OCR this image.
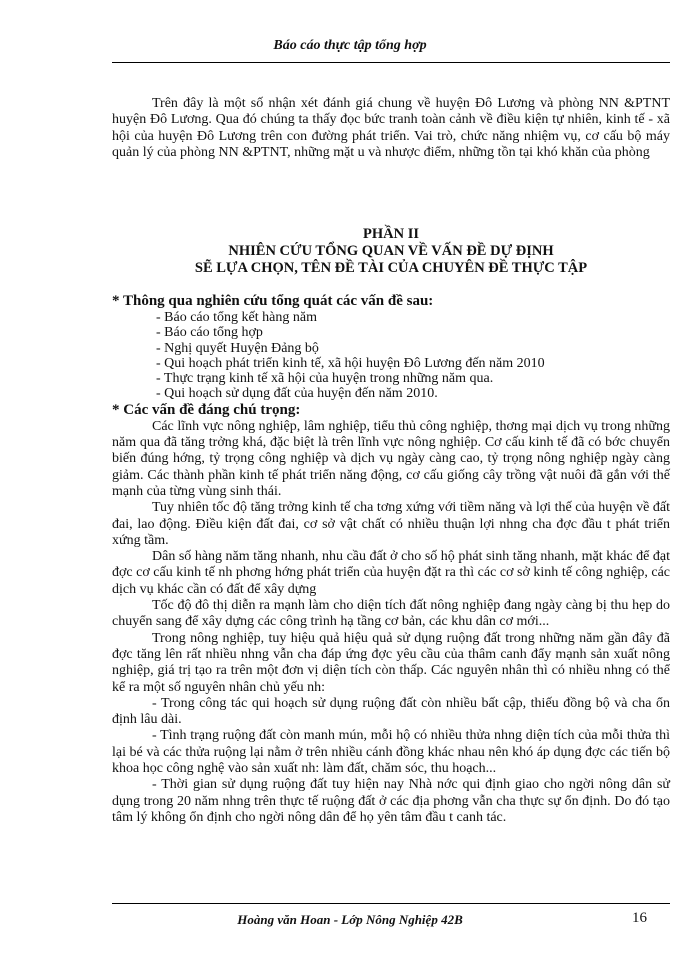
Báo cáo thực tập tổng hợp

Trên đây là một số nhận xét đánh giá chung về huyện Đô Lương và phòng NN &PTNT huyện Đô Lương. Qua đó chúng ta thấy đọc bức tranh toàn cảnh về điều kiện tự nhiên, kinh tế - xã hội của huyện Đô Lương trên con đường phát triển. Vai trò, chức năng nhiệm vụ, cơ cấu bộ máy quản lý của phòng NN &PTNT, những mặt u và nhược điểm, những tồn tại khó khăn của phòng

PHẦN II
NHIÊN CỨU TỔNG QUAN VỀ VẤN ĐỀ DỰ ĐỊNH
SẼ LỰA CHỌN, TÊN ĐỀ TÀI CỦA CHUYÊN ĐỀ THỰC TẬP

* Thông qua nghiên cứu tổng quát các vấn đề sau:

- Báo cáo tổng kết hàng năm
- Báo cáo tổng hợp
- Nghị quyết Huyện Đảng bộ
- Qui hoạch phát triển kinh tế, xã hội huyện Đô Lương đến năm 2010
- Thực trạng kinh tế xã hội của huyện trong những năm qua.
- Qui hoạch sử dụng đất của huyện đến năm 2010.

* Các vấn đề đáng chú trọng:

Các lĩnh vực nông nghiệp, lâm nghiệp, tiểu thủ công nghiệp, thơng mại dịch vụ trong những năm qua đã tăng trởng khá, đặc biệt là trên lĩnh vực nông nghiệp. Cơ cấu kinh tế đã có bớc chuyển biến đúng hớng, tỷ trọng công nghiệp và dịch vụ ngày càng cao, tỷ trọng nông nghiệp ngày càng giảm. Các thành phần kinh tế phát triển năng động, cơ cấu giống cây trồng vật nuôi đã gắn với thế mạnh của từng vùng sinh thái.

Tuy nhiên tốc độ tăng trởng kinh tế cha tơng xứng với tiềm năng và lợi thế của huyện về đất đai, lao động. Điều kiện đất đai, cơ sở vật chất có nhiều thuận lợi nhng cha đợc đầu t phát triển xứng tầm.

Dân số hàng năm tăng nhanh, nhu cầu đất ở cho số hộ phát sinh tăng nhanh, mặt khác để đạt đợc cơ cấu kinh tế nh phơng hớng phát triển của huyện đặt ra thì các cơ sở kinh tế công nghiệp, các dịch vụ khác cần có đất để xây dựng

Tốc độ đô thị diễn ra mạnh làm cho diện tích đất nông nghiệp đang ngày càng bị thu hẹp do chuyển sang để xây dựng các công trình hạ tầng cơ bản, các khu dân cơ mới...

Trong nông nghiệp, tuy hiệu quả hiệu quả sử dụng ruộng đất trong những năm gần đây đã đợc tăng lên rất nhiều nhng vẫn cha đáp ứng đợc yêu cầu của thâm canh đẩy mạnh sản xuất nông nghiệp, giá trị tạo ra trên một đơn vị diện tích còn thấp. Các nguyên nhân thì có nhiều nhng có thể kể ra một số nguyên nhân chủ yếu nh:

- Trong công tác qui hoạch sử dụng ruộng đất còn nhiều bất cập, thiếu đồng bộ và cha ổn định lâu dài.

- Tình trạng ruộng đất còn manh mún, mỗi hộ có nhiều thửa nhng diện tích của mỗi thửa thì lại bé và các thửa ruộng lại nằm ở trên nhiều cánh đồng khác nhau nên khó áp dụng đợc các tiến bộ khoa học công nghệ vào sản xuất nh: làm đất, chăm sóc, thu hoạch...

- Thời gian sử dụng ruộng đất tuy hiện nay Nhà nớc qui định giao cho ngời nông dân sử dụng trong 20 năm nhng trên thực tế ruộng đất ở các địa phơng vẫn cha thực sự ổn định. Do đó tạo tâm lý không ổn định cho ngời nông dân để họ yên tâm đầu t canh tác.

Hoàng văn Hoan - Lớp Nông Nghiệp 42B	16
